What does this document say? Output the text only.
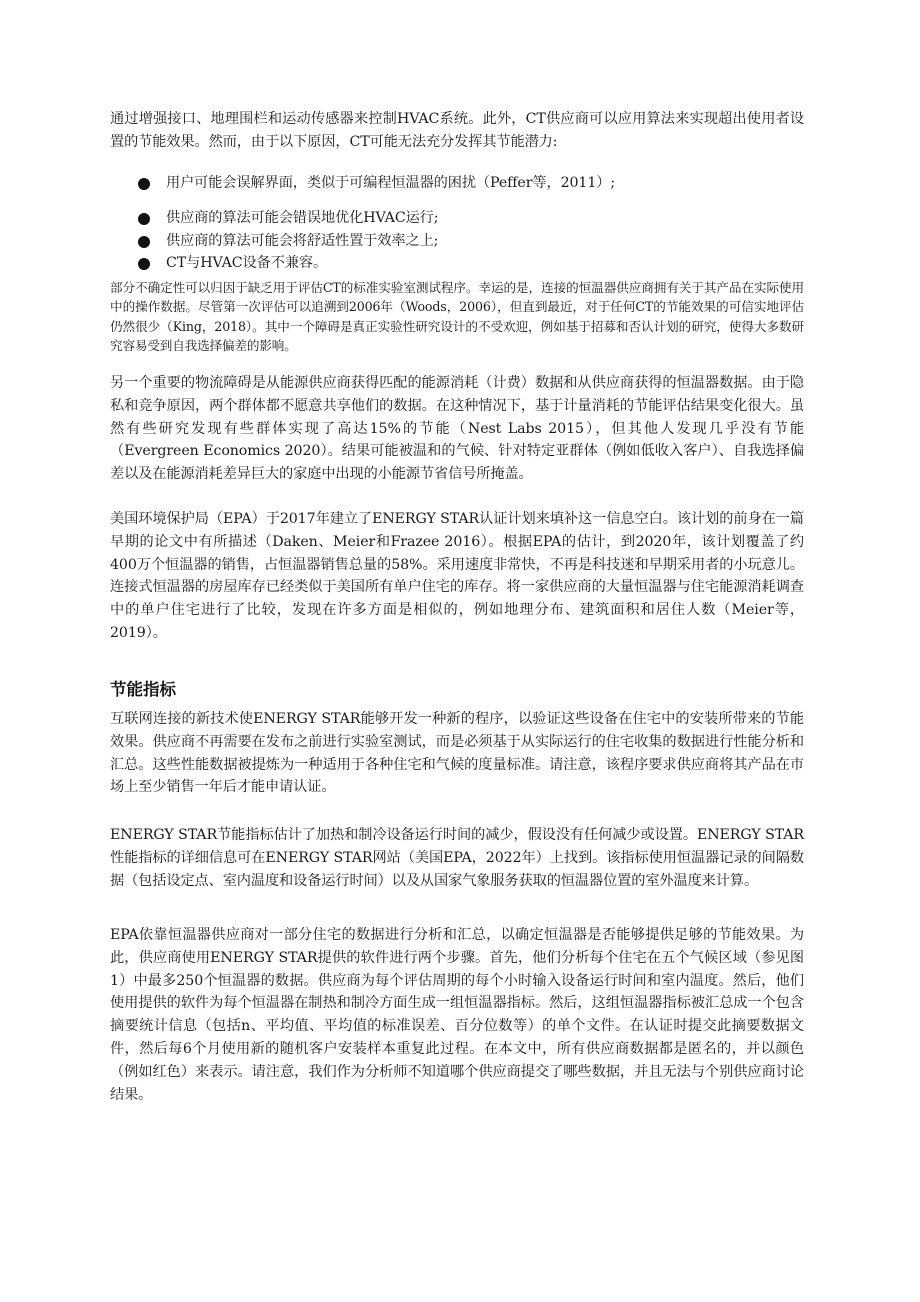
通过增强接口、地理围栏和运动传感器来控制HVAC系统。此外，CT供应商可以应用算法来实现超出使用者设置的节能效果。然而，由于以下原因，CT可能无法充分发挥其节能潜力:

用户可能会误解界面，类似于可编程恒温器的困扰（Peffer等，2011）;
供应商的算法可能会错误地优化HVAC运行;
供应商的算法可能会将舒适性置于效率之上;
CT与HVAC设备不兼容。

部分不确定性可以归因于缺乏用于评估CT的标准实验室测试程序。幸运的是，连接的恒温器供应商拥有关于其产品在实际使用中的操作数据。尽管第一次评估可以追溯到2006年（Woods，2006），但直到最近，对于任何CT的节能效果的可信实地评估仍然很少（King，2018）。其中一个障碍是真正实验性研究设计的不受欢迎，例如基于招募和否认计划的研究，使得大多数研究容易受到自我选择偏差的影响。

另一个重要的物流障碍是从能源供应商获得匹配的能源消耗（计费）数据和从供应商获得的恒温器数据。由于隐私和竞争原因，两个群体都不愿意共享他们的数据。在这种情况下，基于计量消耗的节能评估结果变化很大。虽然有些研究发现有些群体实现了高达15%的节能（Nest Labs 2015），但其他人发现几乎没有节能（Evergreen Economics 2020）。结果可能被温和的气候、针对特定亚群体（例如低收入客户）、自我选择偏差以及在能源消耗差异巨大的家庭中出现的小能源节省信号所掩盖。

美国环境保护局（EPA）于2017年建立了ENERGY STAR认证计划来填补这一信息空白。该计划的前身在一篇早期的论文中有所描述（Daken、Meier和Frazee 2016）。根据EPA的估计，到2020年，该计划覆盖了约400万个恒温器的销售，占恒温器销售总量的58%。采用速度非常快，不再是科技迷和早期采用者的小玩意儿。连接式恒温器的房屋库存已经类似于美国所有单户住宅的库存。将一家供应商的大量恒温器与住宅能源消耗调查中的单户住宅进行了比较，发现在许多方面是相似的，例如地理分布、建筑面积和居住人数（Meier等，2019）。

节能指标

互联网连接的新技术使ENERGY STAR能够开发一种新的程序，以验证这些设备在住宅中的安装所带来的节能效果。供应商不再需要在发布之前进行实验室测试，而是必须基于从实际运行的住宅收集的数据进行性能分析和汇总。这些性能数据被提炼为一种适用于各种住宅和气候的度量标准。请注意，该程序要求供应商将其产品在市场上至少销售一年后才能申请认证。

ENERGY STAR节能指标估计了加热和制冷设备运行时间的减少，假设没有任何减少或设置。ENERGY STAR性能指标的详细信息可在ENERGY STAR网站（美国EPA，2022年）上找到。该指标使用恒温器记录的间隔数据（包括设定点、室内温度和设备运行时间）以及从国家气象服务获取的恒温器位置的室外温度来计算。

EPA依靠恒温器供应商对一部分住宅的数据进行分析和汇总，以确定恒温器是否能够提供足够的节能效果。为此，供应商使用ENERGY STAR提供的软件进行两个步骤。首先，他们分析每个住宅在五个气候区域（参见图1）中最多250个恒温器的数据。供应商为每个评估周期的每个小时输入设备运行时间和室内温度。然后，他们使用提供的软件为每个恒温器在制热和制冷方面生成一组恒温器指标。然后，这组恒温器指标被汇总成一个包含摘要统计信息（包括n、平均值、平均值的标准误差、百分位数等）的单个文件。在认证时提交此摘要数据文件，然后每6个月使用新的随机客户安装样本重复此过程。在本文中，所有供应商数据都是匿名的，并以颜色（例如红色）来表示。请注意，我们作为分析师不知道哪个供应商提交了哪些数据，并且无法与个别供应商讨论结果。
